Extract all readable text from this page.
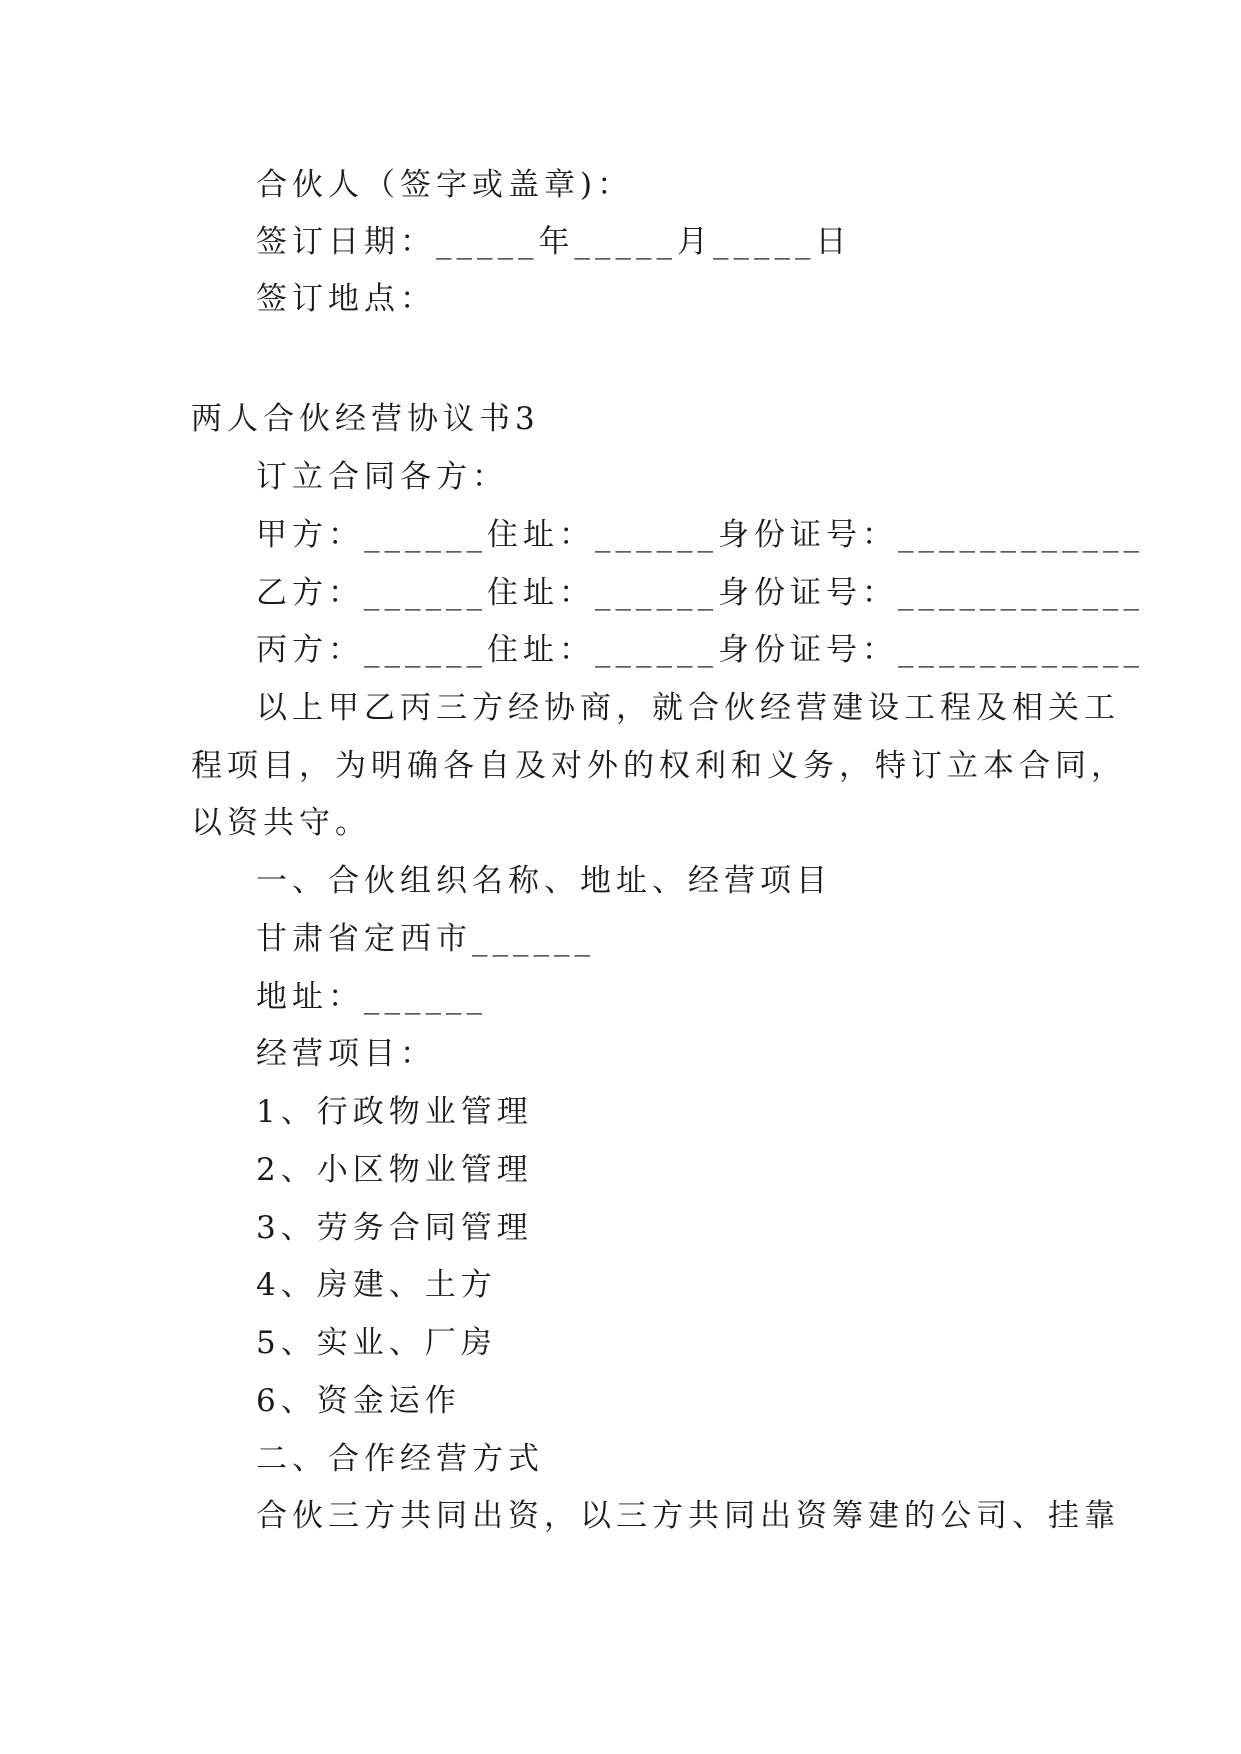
合伙人（签字或盖章)：
签订日期：_____年_____月_____日
签订地点：
两人合伙经营协议书3
订立合同各方：
甲方：______住址：______身份证号：____________
乙方：______住址：______身份证号：____________
丙方：______住址：______身份证号：____________
以上甲乙丙三方经协商，就合伙经营建设工程及相关工
程项目，为明确各自及对外的权利和义务，特订立本合同，
以资共守。
一、合伙组织名称、地址、经营项目
甘肃省定西市______
地址：______
经营项目：
1、行政物业管理
2、小区物业管理
3、劳务合同管理
4、房建、土方
5、实业、厂房
6、资金运作
二、合作经营方式
合伙三方共同出资，以三方共同出资筹建的公司、挂靠
